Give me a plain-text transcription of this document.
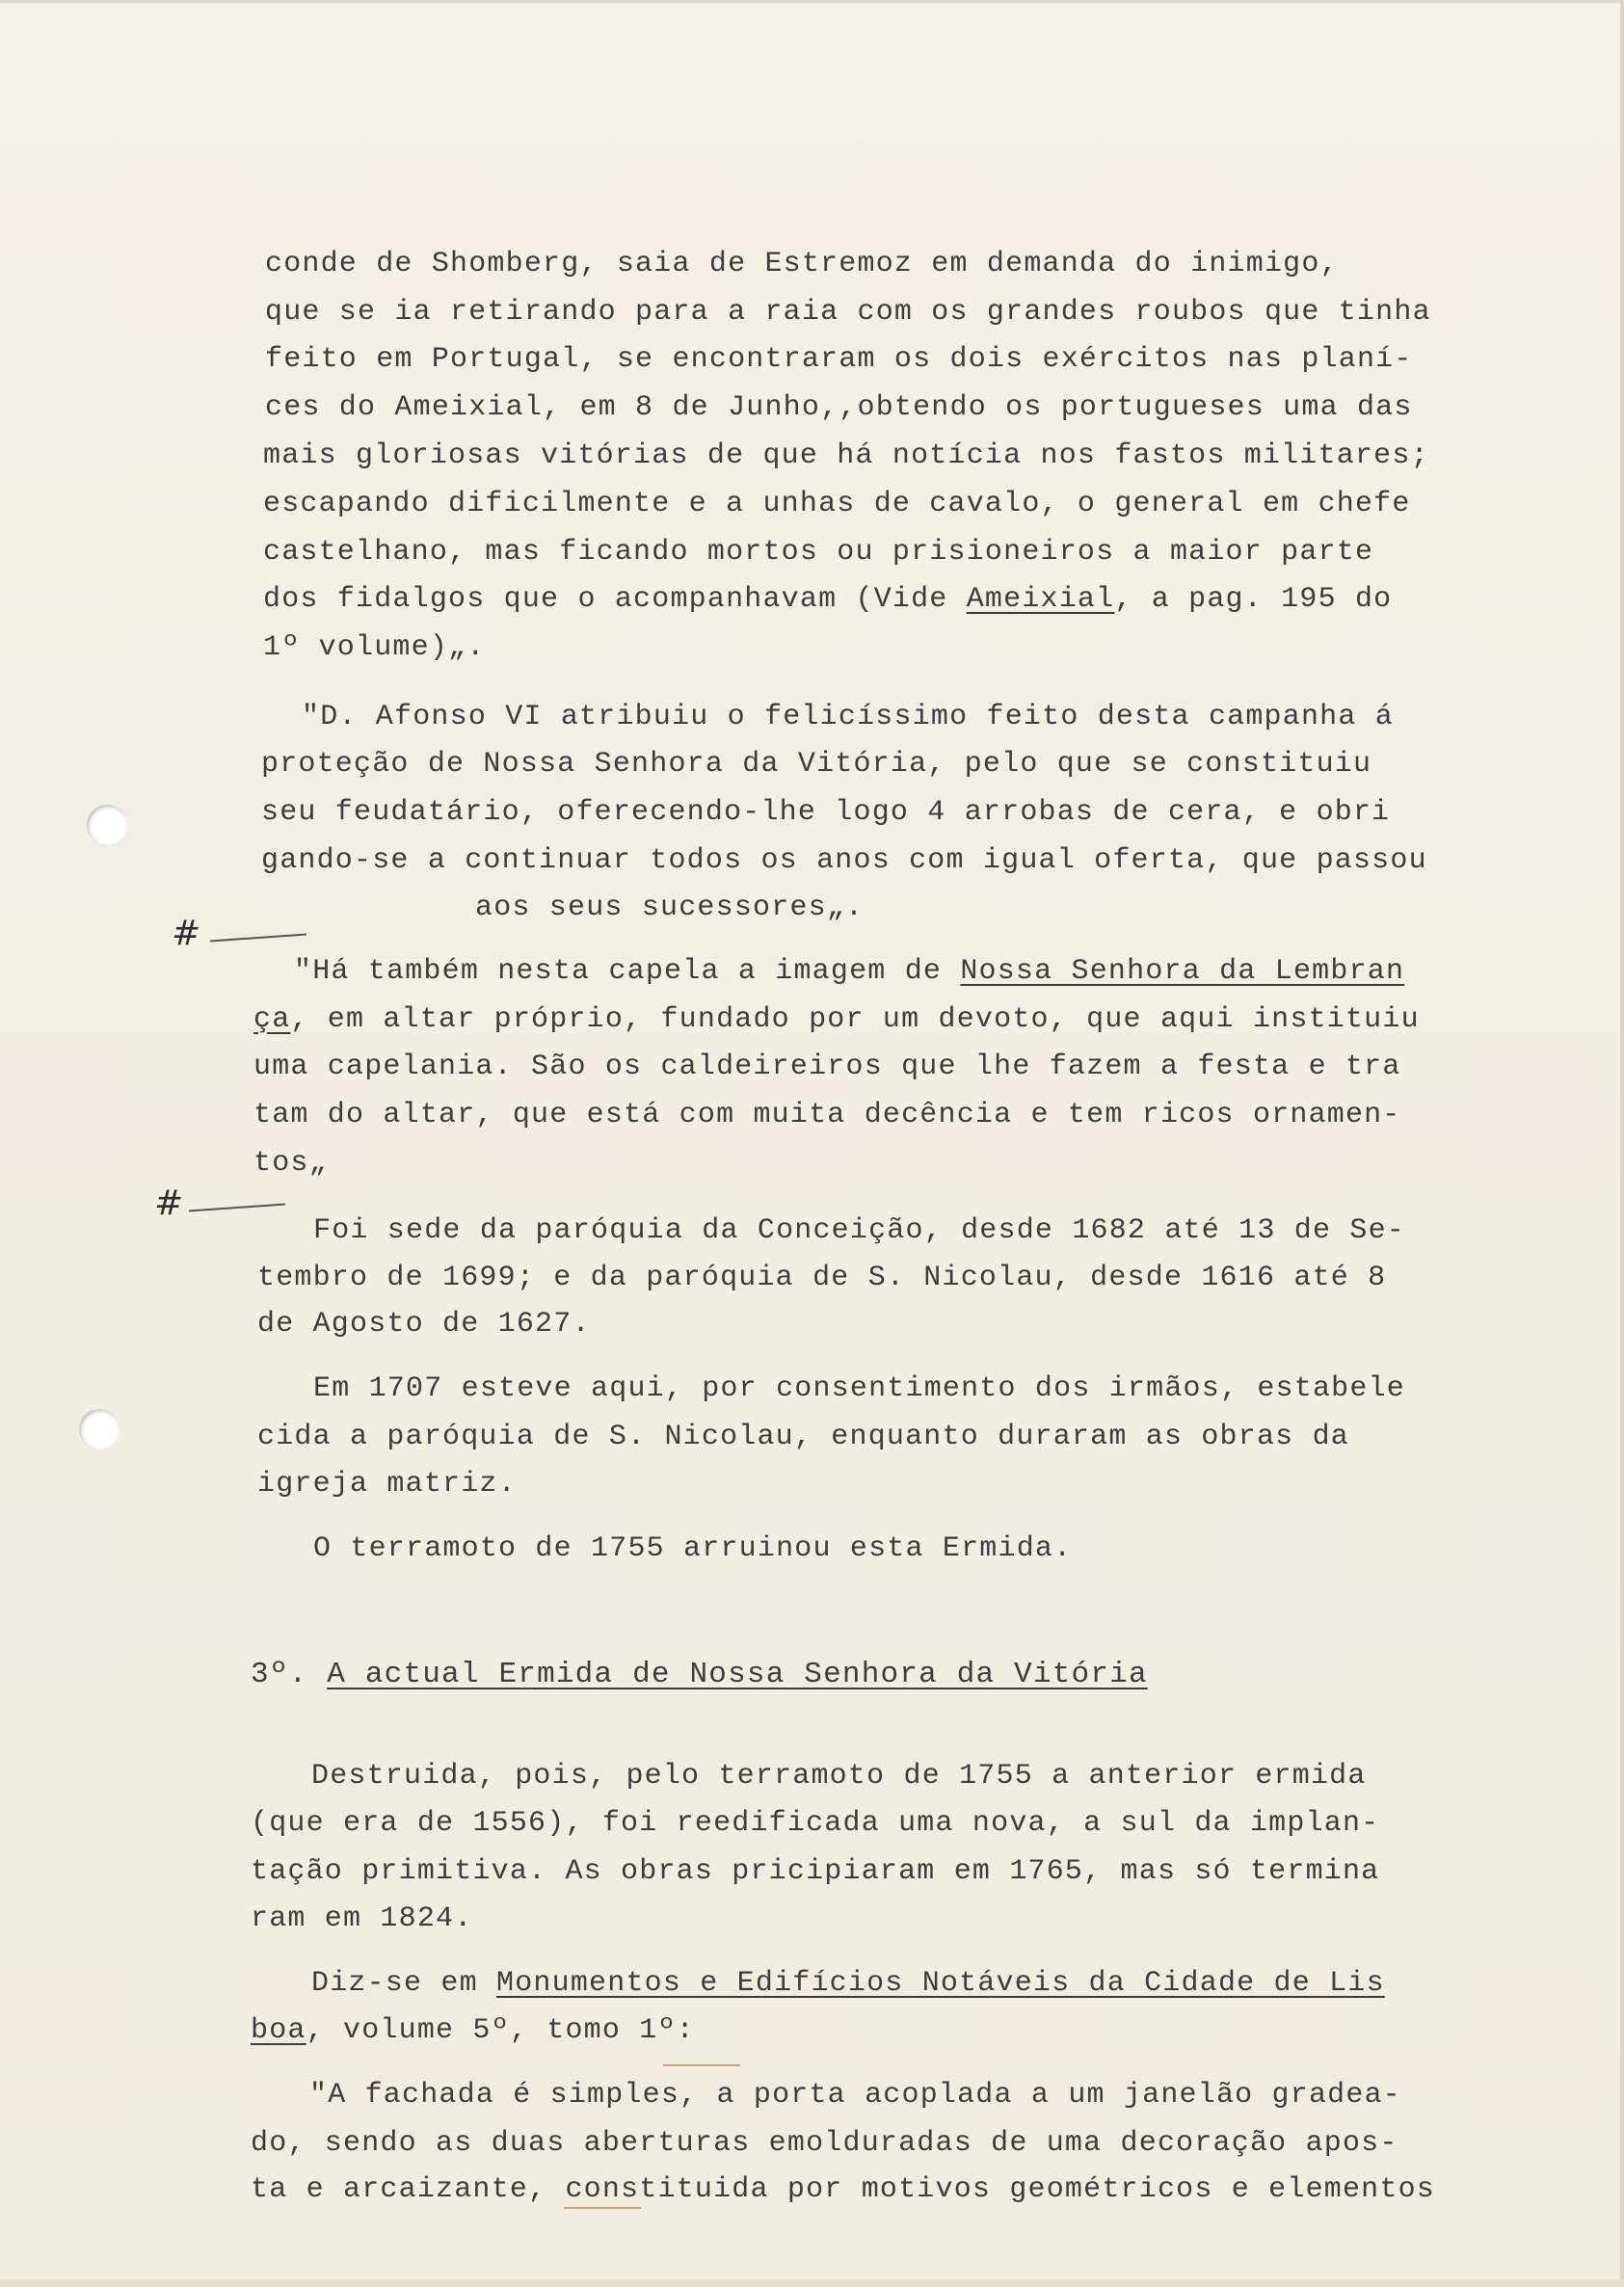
conde de Shomberg, saia de Estremoz em demanda do inimigo,
que se ia retirando para a raia com os grandes roubos que tinha
feito em Portugal, se encontraram os dois exércitos nas planí-
ces do Ameixial, em 8 de Junho,,obtendo os portugueses uma das
mais gloriosas vitórias de que há notícia nos fastos militares;
escapando dificilmente e a unhas de cavalo, o general em chefe
castelhano, mas ficando mortos ou prisioneiros a maior parte
dos fidalgos que o acompanhavam (Vide Ameixial, a pag. 195 do
1º volume)„.
"D. Afonso VI atribuiu o felicíssimo feito desta campanha á
proteção de Nossa Senhora da Vitória, pelo que se constituiu
seu feudatário, oferecendo-lhe logo 4 arrobas de cera, e obri
gando-se a continuar todos os anos com igual oferta, que passou
aos seus sucessores„.
"Há também nesta capela a imagem de Nossa Senhora da Lembran
ça, em altar próprio, fundado por um devoto, que aqui instituiu
uma capelania. São os caldeireiros que lhe fazem a festa e tra
tam do altar, que está com muita decência e tem ricos ornamen-
tos„
Foi sede da paróquia da Conceição, desde 1682 até 13 de Se-
tembro de 1699; e da paróquia de S. Nicolau, desde 1616 até 8
de Agosto de 1627.
Em 1707 esteve aqui, por consentimento dos irmãos, estabele
cida a paróquia de S. Nicolau, enquanto duraram as obras da
igreja matriz.
O terramoto de 1755 arruinou esta Ermida.
3º. A actual Ermida de Nossa Senhora da Vitória
Destruida, pois, pelo terramoto de 1755 a anterior ermida
(que era de 1556), foi reedificada uma nova, a sul da implan-
tação primitiva. As obras pricipiaram em 1765, mas só termina
ram em 1824.
Diz-se em Monumentos e Edifícios Notáveis da Cidade de Lis
boa, volume 5º, tomo 1º:
"A fachada é simples, a porta acoplada a um janelão gradea-
do, sendo as duas aberturas emolduradas de uma decoração apos-
ta e arcaizante, constituida por motivos geométricos e elementos
#
#
